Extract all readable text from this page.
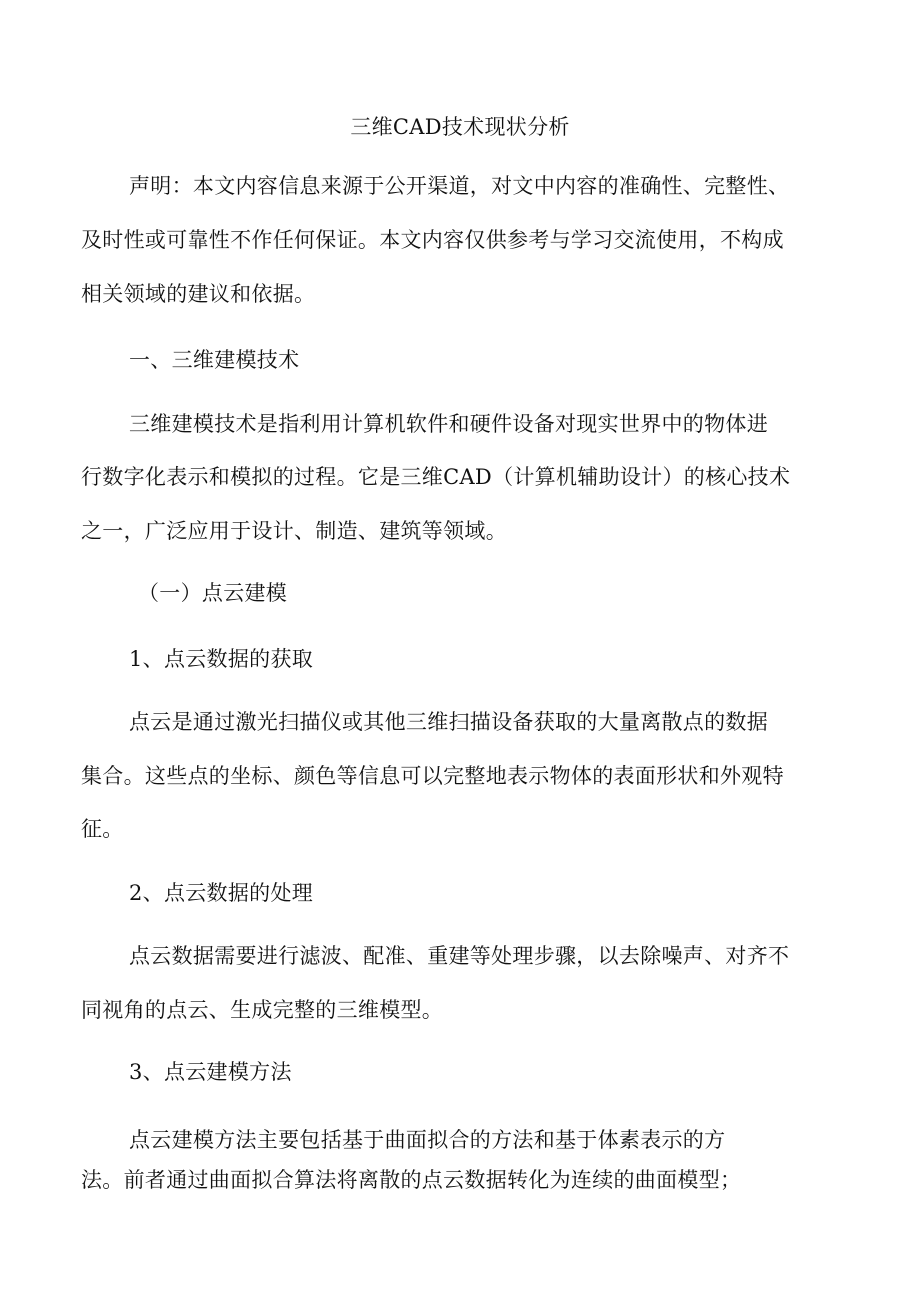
三维CAD技术现状分析
声明：本文内容信息来源于公开渠道，对文中内容的准确性、完整性、
及时性或可靠性不作任何保证。本文内容仅供参考与学习交流使用，不构成
相关领域的建议和依据。
一、三维建模技术
三维建模技术是指利用计算机软件和硬件设备对现实世界中的物体进
行数字化表示和模拟的过程。它是三维CAD（计算机辅助设计）的核心技术
之一，广泛应用于设计、制造、建筑等领域。
（一）点云建模
1、点云数据的获取
点云是通过激光扫描仪或其他三维扫描设备获取的大量离散点的数据
集合。这些点的坐标、颜色等信息可以完整地表示物体的表面形状和外观特
征。
2、点云数据的处理
点云数据需要进行滤波、配准、重建等处理步骤，以去除噪声、对齐不
同视角的点云、生成完整的三维模型。
3、点云建模方法
点云建模方法主要包括基于曲面拟合的方法和基于体素表示的方
法。前者通过曲面拟合算法将离散的点云数据转化为连续的曲面模型；
